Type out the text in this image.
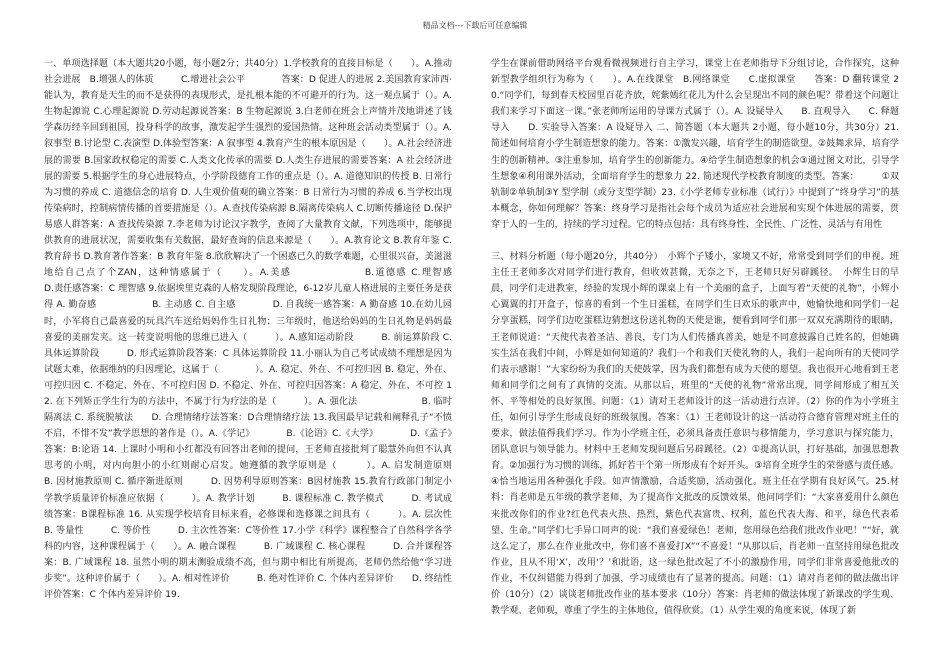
精品文档---下载后可任意编辑

一、单项选择题（本大题共20小题，每小题2分；共40分）1.学校教育的直接目标是（　　）。A.推动社会进展　B.增强人的体质　　　C.增进社会公平　　　　答案：D 促进人的进展 2.美国教育家沛西·能认为，教育是天生的而不是获得的表现形式，是扎根本能的不可避开的行为。这一观点属于（）。A.生物起源说 C.心理起源说 D.劳动起源说答案：B 生物起源说 3.白老师在班会上声情并茂地讲述了钱学森历经辛回到祖国，投身科学的故事，激发起学生强烈的爱国热情。这种班会活动类型属于（）。A.叙事型 B.讨论型 C.表演型 D.体验型答案：A 叙事型 4.教育产生的根本原因是（　　）。A.社会经济进展的需要 B.国家政权稳定的需要 C.人类文化传承的需要 D.人类生存进展的需要答案：A 社会经济进展的需要 5.根据学生的身心进展特点，小学阶段德育工作的重点是（）。A. 道德知识的传授 B. 日常行为习惯的养成 C. 道德信念的培育 D. 人生观价值观的确立答案：B 日常行为习惯的养成 6.当学校出现传染病时，控制病情传播的首要措施是（）。A.查找传染病源 B.隔离传染病人 C.切断传播途径 D.保护易感人群答案：A 查找传染源 7.李老师为讨论汉字教学，查阅了大量教育文献，下列选项中，能够提供教育的进展状况，需要收集有关数据，最好查询的信息来源是（　　）。A.教育论文 B.教育年鉴 C.教育辞书 D.教育著作答案：B 教育年鉴 8.欣欣解决了一个困惑已久的数学难题，心里很兴奋，美滋滋地给自己点了个ZAN，这种情感属于（　　）。A.美感　　　　　　　B.道德感 C.理智感　　　　　　D.责任感答案：C 理智感 9.依据埃里克森的人格发现阶段理论，6-12岁儿童人格进展的主要任务是获得 A. 勤奋感　　　　　　B. 主动感 C. 自主感　　　　D. 自我统一感答案：A 勤奋感 10.在幼儿园时，小军将自己最喜爱的玩具汽车送给妈妈作生日礼物；三年级时，他送给妈妈的生日礼物是妈妈最喜爱的美丽发夹。这一转变说明他的思维已进入（　　　）。A.感知运动阶段　　　B. 前运算阶段 C. 具体运算阶段　　　D. 形式运算阶段答案：C 具体运算阶段 11.小丽认为自己考试成绩不理想是因为试题太难，依据维纳的归因理论，这属于（　　　　）。A. 稳定、外在、不可控归因 B. 稳定、外在、可控归因 C. 不稳定、外在、不可控归因 D. 不稳定、外在、可控归因答案：A 稳定、外在、不可控 12. 在下列矫正学生行为的方法中，不属于行为疗法的是（　　　）。A. 强化法　　　　　　　B. 临时隔离法 C. 系统脱敏法　　D. 合理情绪疗法答案：D合理情绪疗法 13.我国最早记载和阐释孔子“不愤不启，不悱不发”教学思想的著作是（）。A.《学记》　　　　B.《论语》C.《大学》　　　　D.《孟子》答案：B:论语 14. 上课时小明和小红都没有回答出老师的提问，王老师直接批判了聪慧外向但不认真思考的小明，对内向胆小的小红则耐心启发。她遵循的教学原则是（　　　）。A. 启发制造原则　　　B. 因材施教原则 C. 循序渐进原则　　　D. 因势利导原则答案：B因材施教 15.教育行政部门制定小学教学质量评价标准应依据（　　　）。A. 教学计划　　　B. 课程标准 C. 教学模式　　　D. 考试成绩答案：B课程标准 16. 从实现学校培育目标来看，必修课和选修课之间具有（　　　）。A. 层次性　　　B. 等量性　　　C. 等价性　　　D. 主次性答案：C等价性 17.小学《科学》课程整合了自然科学各学科的内容，这种课程属于（　　）。A. 融合课程　　　B. 广域课程 C. 核心课程　　　D. 合并课程答案：B. 广域课程 18. 虽然小明的期末测验成绩不高，但与期中相比有所提高，老师仍然给他“学习进步奖”。这种评价属于（　　）。A. 相对性评价　　　B. 绝对性评价 C. 个体内差异评价　　D. 终结性评价答案：C 个体内差异评价 19.

学生在课前借助网络平台观看微视频进行自主学习，课堂上在老师指导下分组讨论，合作探究，这种新型教学组织行为称为（　　）。A.在线课堂　B.网络课堂　　C.虚拟课堂　　答案：D 翻转课堂 20.“同学们，每到春天校园里百花齐放，姹紫嫣红花儿为什么会呈现出不同的颜色呢？带着这个问题让我们来学习下面这一课。”张老师所运用的导课方式属于（）。A. 设疑导入　　B. 直观导入　　C. 释题导入　　D. 实验导入答案：A 设疑导入 二、简答题（本大题共 2小题，每小题10分，共30分）21. 简述如何培育小学生制造想象的能力。答案：①激发兴趣，培育学生的制造欲望。②鼓舞求异，培育学生的创新精神。③注重参加，培育学生的创新能力。④给学生制造想象的机会③通过图文对比，引导学生想象④利用课外活动，全面培育学生的想象力 22. 简述现代学校教育制度的类型。答案：　　　①双轨制②单轨制③Y 型学制（或分支型学制）23.《小学老师专业标准（试行）》中提到了“终身学习”的基本概念，你如何理解？答案：终身学习是指社会每个成员为适应社会进展和实现个体进展的需要，贯穿于人的一生的，持续的学习过程。它的特点包括：具有终身性、全民性、广泛性、灵活与有用性

三、材料分析题（每小题20分，共40分）　小辉个子矮小，家境又不好，常常受到同学们的申视。班主任王老师多次对同学们进行教育，但收效甚微，无奈之下，王老师只好另辟蹊径。　小辉生日的早晨，同学们走进教室，经验的发现小辉的课桌上有一个美丽的盒子，上面写着“天使的礼物”，小辉小心翼翼的打开盒子，惊喜的看到一个生日蛋糕，在同学们生日欢乐的歌声中，她愉快地和同学们一起分享蛋糕，同学们边吃蛋糕边猜想这份送礼物的天使是谁，便看到同学们那一双双充满期待的眼睛，王老师说道：“天使代表着圣洁、善良，专门为人们传播真善美，她是不同意披露自己姓名的，但她确实生活在我们中间，小辉是如何知道的？我们一个和我们天使礼物的人，我们一起向所有的天使同学们表示感谢！”大家纷纷为我们的天使鼓掌，因为我们都想有成为天使的愿望。我也很开心地看到王老师和同学们之间有了真情的交流。从那以后，班里的“天使的礼物”常常出现，同学间形成了相互关怀、平等相处的良好氛围。问题：（1）请对王老师设计的这一活动进行点评。（2）你的作为小学班主任，如何引导学生形成良好的班级氛围。答案：（1）王老师设计的这一活动符合德育管理对班主任的要求，做法值得我们学习。作为小学班主任，必须具备责任意识与移情能力，学习意识与探究能力，团队意识与领导能力。材料中王老师发现问题后另辟蹊径。（2）①提高认识，打好基础，加强思想教育。②加强行为习惯的训练，抓好若干个第一所形成有个好开头。③培育全班学生的荣誉感与责任感。④恰当地运用各种强化手段。如声情激励，合适奖励，活动强化。班主任在学期有良好风气。25.材料：肖老师是五年级的教学老师，为了提高作文批改的反馈效果，他问同学们：“大家喜爱用什么颜色来批改你们的作业?红色代表火热、热烈，紫色代表富贵、权利，蓝色代表大海、和平，绿色代表希望、生命。”同学们七手异口同声的说：“我们喜爱绿色！老师，您用绿色给我们批改作业吧！”“好，就这么定了，那么在作业批改中，你们喜不喜爱打X”“不喜爱！”从那以后，肖老师一直坚持用绿色批改作业，且从不用‘X’，改用‘？’和批语，这一绿色批改起了不小的激励作用，同学们非常喜爱他批改的作业，不仅纠错能力得到了加强，学习成绩也有了显著的提高。问题：（1）请对肖老师的做法做出评价（10分）（2）谈谈老师批改作业的基本要求（10分）答案：肖老师的做法体现了新课改的学生观、教学观、老师观，尊重了学生的主体地位，值得欣赏。（1）从学生观的角度来说，体现了新
